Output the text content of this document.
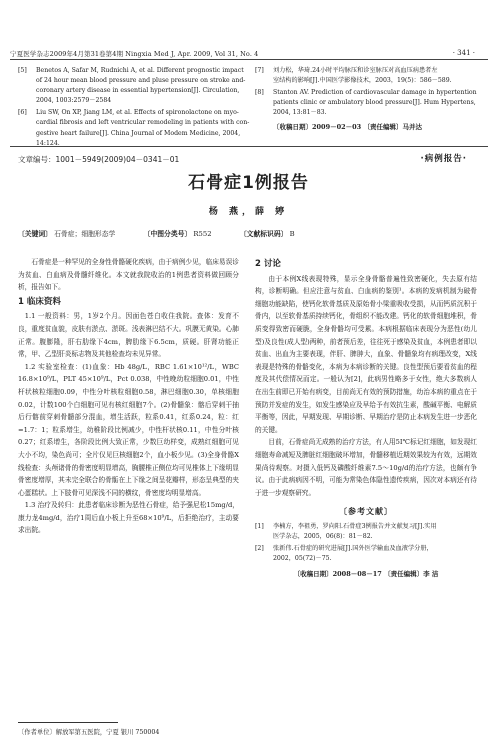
宁夏医学杂志2009年4月第31卷第4期 Ningxia Med J, Apr. 2009, Vol 31, No. 4	· 341 ·
[5] Benetos A, Safar M, Rudnichi A, et al. Different prognostic impact
of 24 hour mean blood pressure and pluse pressure on stroke and-
coronary artery disease in essential hypertension[J]. Circulation,
2004, 1003:2579－2584
[6] Liu SW, On XP, Jiang LM, et al. Effects of spironolactone on myo-
cardial fibrosis and left ventricular remodeling in patients with con-
gestive heart failure[J]. China Journal of Modem Medicine, 2004,
14:124.
[7] 刘力松，华琦.24小时平均脉压和诊室脉压对高血压病患者左
室结构的影响[J].中国医学影像技术，2003，19(5)：586－589.
[8] Stanton AV. Prediction of cardiovascular damage in hypertention
patients clinic or ambulatory blood pressure[J]. Hum Hypertens,
2004, 13:81－83.
〔收稿日期〕2009－02－03 〔责任编辑〕马并达
文章编号：1001－5949(2009)04－0341－01	·病例报告·
石骨症1例报告
杨 燕，薛 婷
〔关键词〕 石骨症；细胞形态学	〔中图分类号〕 R552	〔文献标识码〕 B

石骨症是一种罕见的全身性骨骼硬化疾病，由于病例少见，临床易误诊为贫血、白血病及骨髓纤维化。本文就我院收治的1例患者资料做回顾分析，报告如下。

1 临床资料

1.1 一般资料：男，1岁2个月。因面色苍白收住我院。查体：发育不良，重度贫血貌，皮肤有淤点、淤斑。浅表淋巴结不大。巩膜无黄染。心肺正常。腹膨隆，肝右肋缘下4cm，脾肋缘下6.5cm，质硬。肝肾功能正常，甲、乙型肝炎标志物及其他检查均未见异常。

1.2 实验室检查：(1)血象：Hb 48g/L，RBC 1.61×10¹²/L，WBC 16.8×10⁹/L，PLT 45×10⁹/L，Pct 0.038，中性晚幼粒细胞0.01，中性杆状核粒细胞0.09，中性分叶核粒细胞0.58，淋巴细胞0.30，单核细胞0.02，计数100个白细胞可见有核红细胞7个。(2)骨髓象：髂后穿刺干抽后行髂前穿刺骨髓部分混血，增生活跃，粒系0.41，红系0.24，粒：红=1.7：1；粒系增生，幼稚阶段比例减少，中性杆状核0.11，中性分叶核0.27；红系增生，各阶段比例大致正常，少数巨幼样变，成熟红细胞可见大小不均，染色尚可；全片仅见巨核细胞2个，血小板少见。(3)全身骨骼X线检查：头颅诸骨的骨密度明显增高，胸腰椎正侧位均可见椎体上下缘明显骨密度增厚，其未完全联合的骨骺在上下缘之间呈花瓣样，形态呈典型的夹心蛋糕状。上下肢骨可见深浅不同的横纹，骨密度均明显增高。

1.3 治疗及转归：此患者临床诊断为恶性石骨症，给予强尼松15mg/d，康力龙4mg/d，治疗1周后血小板上升至68×10⁹/L，后拒绝治疗，主动要求出院。

2 讨论

由于本例X线表现特殊，显示全身骨骼普遍性致密硬化，失去原有结构，诊断明确。但应注意与贫血、白血病的鉴别¹。本病的发病机制为破骨细胞功能缺陷，使钙化软骨基质及原始骨小梁重吸收受损，从而钙质沉积于骨内，以至软骨基质持续钙化，骨组织不能改建。钙化的软骨细胞堆积，骨质变得致密而硬脆，全身骨骼均可受累。本病根据临床表现分为恶性(幼儿型)及良性(成人型)两种，前者预后差，往往死于感染及贫血，本例患者即以贫血、出血为主要表现，伴肝、脾肿大，血象、骨髓象均有病理改变，X线表现是特殊的骨骼变化，本病为本病诊断的关键。良性型预后要看贫血的程度及其代偿情况而定。一般认为[2]，此病男性略多于女性，绝大多数病人在出生前即已开始有病变，目前尚无有效的预防措施，幼治本病的重点在于预防并发症的发生，如发生感染应及早给予有效抗生素，酸碱平衡、电解质平衡等，因此，早期发现、早期诊断、早期治疗是防止本病发生进一步恶化的关键。

目前，石骨症尚无成熟的治疗方法，有人用5Ⅰ℃标记红细胞，如发现红细胞寿命减短及脾脏红细胞破坏增加，骨髓移植近期效果较为有效，远期效果尚待观察。对摄入低钙及磷酸纤维素7.5～10g/d的治疗方法，也颇有争议。由于此病病因不明，可能为常染色体隐性遗传疾病，因次对本病还有待于进一步观察研究。

〔参考文献〕
[1] 李楠方，李祖勇，罗向阳.石骨症3例报告并文献复习[J].实用
医学杂志，2005，06(8)：81－82.
[2] 张新伟.石骨症的研究进展[J].国外医学输血及血液学分册，
2002，05(72)－75.
〔收稿日期〕2008－08－17 〔责任编辑〕李 洁
〔作者单位〕解放军第五医院，宁夏 银川 750004
